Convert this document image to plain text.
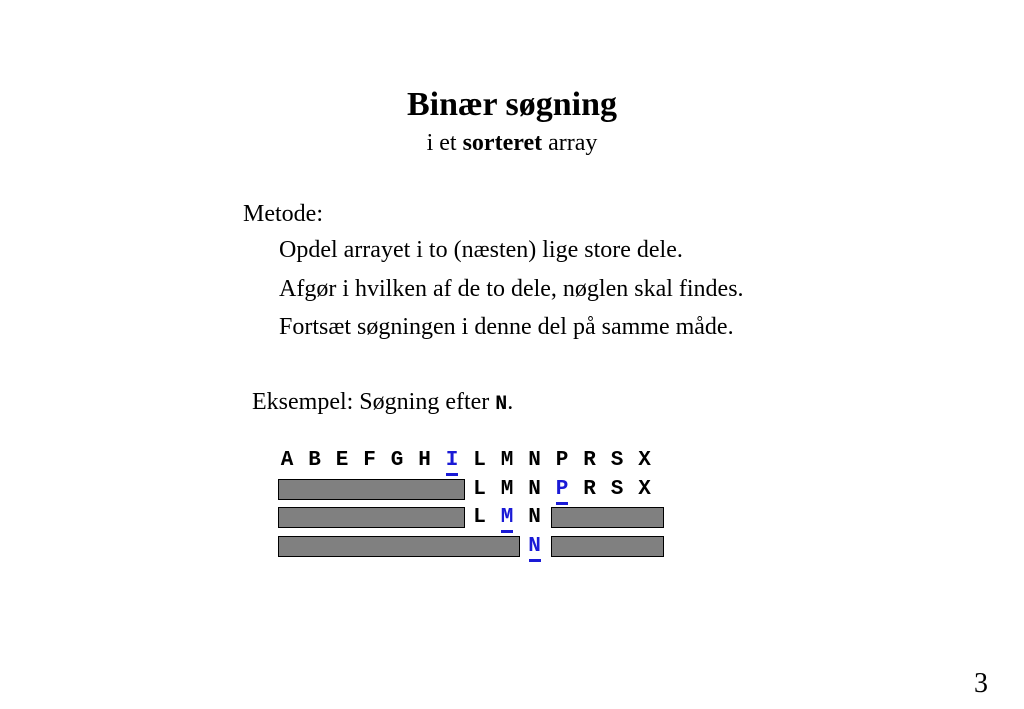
Binær søgning
i et sorteret array
Metode:
Opdel arrayet i to (næsten) lige store dele.
Afgør i hvilken af de to dele, nøglen skal findes.
Fortsæt søgningen i denne del på samme måde.
Eksempel: Søgning efter N.
A B E F G H I L M N P R S X
L M N P R S X
L M N
N
3
